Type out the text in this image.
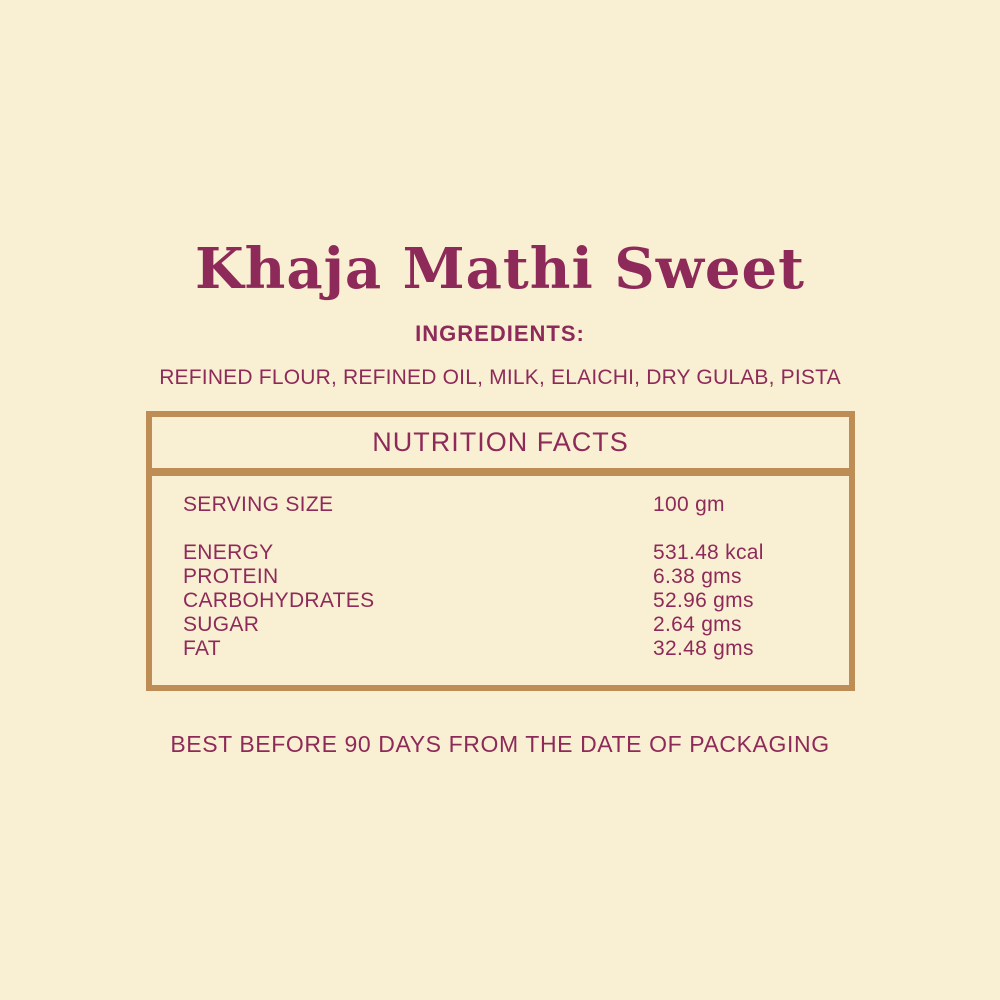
Khaja Mathi Sweet
INGREDIENTS:
REFINED FLOUR, REFINED OIL, MILK, ELAICHI, DRY GULAB, PISTA
NUTRITION FACTS
SERVING SIZE	100 gm
ENERGY	531.48 kcal
PROTEIN	6.38 gms
CARBOHYDRATES	52.96 gms
SUGAR	2.64 gms
FAT	32.48 gms
BEST BEFORE 90 DAYS FROM THE DATE OF PACKAGING
